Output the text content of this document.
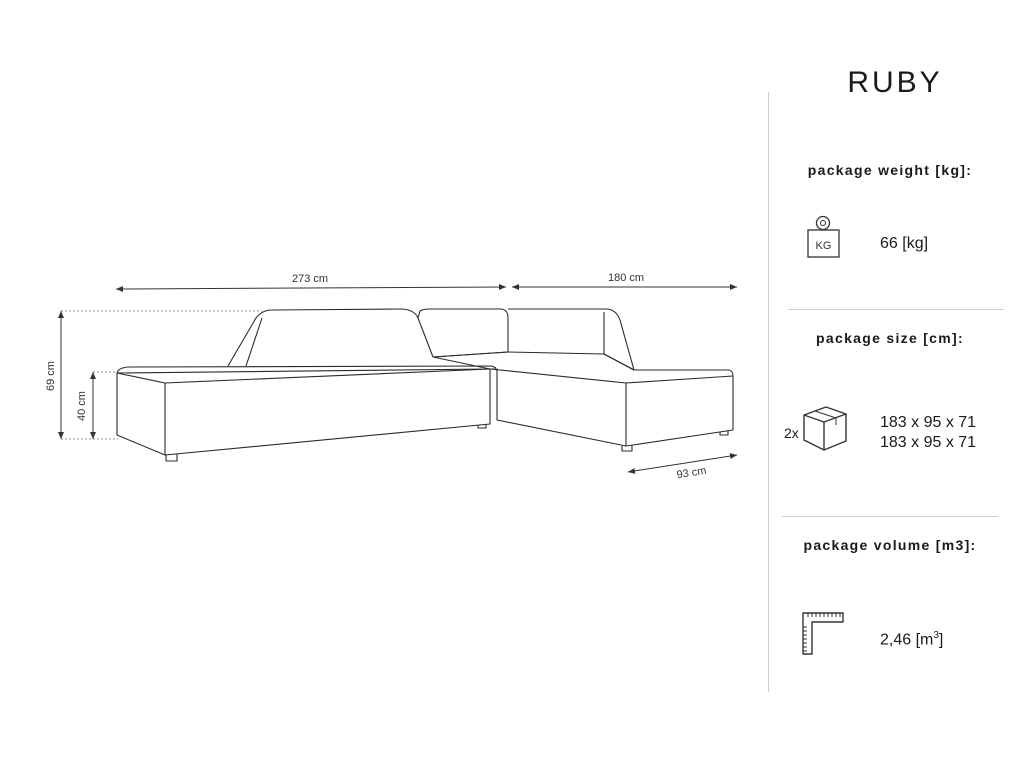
273 cm	180 cm
69 cm
40 cm
93 cm
RUBY
package weight [kg]:
KG	66 [kg]
package size [cm]:
2x
183 x 95 x 71
183 x 95 x 71
package volume [m3]:
2,46 $[m^3]$
